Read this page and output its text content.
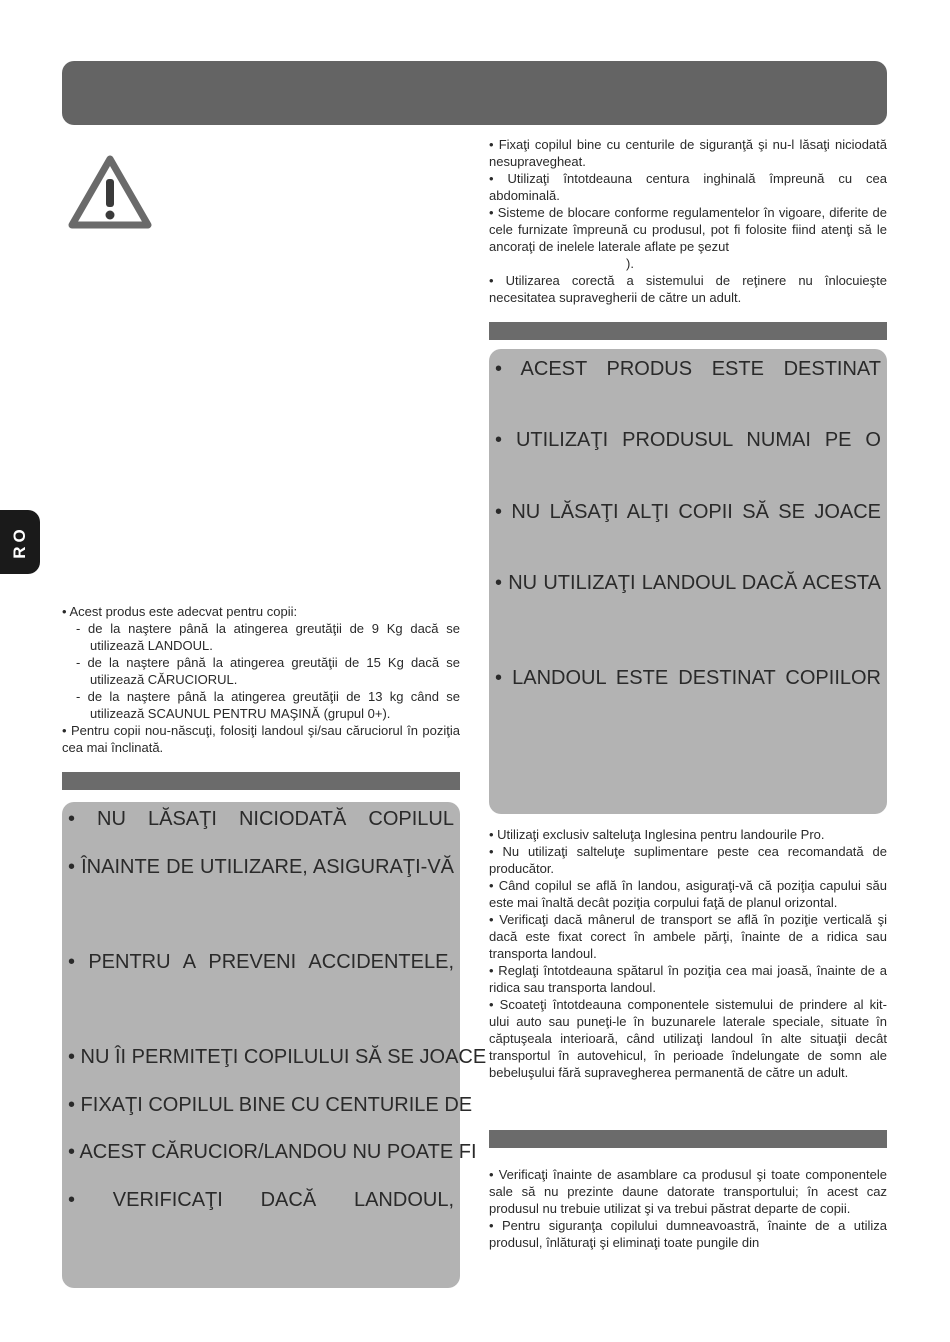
RO

• Acest produs este adecvat pentru copii:

- de la naştere până la atingerea greutăţii de 9 Kg dacă se utilizează LANDOUL.

- de la naştere până la atingerea greutăţii de 15 Kg dacă se utilizează CĂRUCIORUL.

- de la naştere până la atingerea greutăţii de 13 kg când se utilizează SCAUNUL PENTRU MAŞINĂ (grupul 0+).

• Pentru copii nou-născuţi, folosiţi landoul şi/sau căruciorul în poziţia cea mai înclinată.

• NU LĂSAŢI NICIODATĂ COPILUL
• ÎNAINTE DE UTILIZARE, ASIGURAŢI-VĂ
• PENTRU A PREVENI ACCIDENTELE,
• NU ÎI PERMITEŢI COPILULUI SĂ SE JOACE
• FIXAŢI COPILUL BINE CU CENTURILE DE
• ACEST CĂRUCIOR/LANDOU NU POATE FI
• VERIFICAŢI DACĂ LANDOUL,

• Fixaţi copilul bine cu centurile de siguranţă şi nu-l lăsaţi niciodată nesupravegheat.

• Utilizaţi întotdeauna centura inghinală împreună cu cea abdominală.

• Sisteme de blocare conforme regulamentelor în vigoare, diferite de cele furnizate împreună cu produsul, pot fi folosite fiind atenţi să le ancoraţi de inelele laterale aflate pe şezut

).

• Utilizarea corectă a sistemului de reţinere nu înlocuieşte necesitatea supravegherii de către un adult.

• ACEST PRODUS ESTE DESTINAT
• UTILIZAŢI PRODUSUL NUMAI PE O
• NU LĂSAŢI ALŢI COPII SĂ SE JOACE
• NU UTILIZAŢI LANDOUL DACĂ ACESTA
• LANDOUL ESTE DESTINAT COPIILOR

• Utilizaţi exclusiv salteluţa Inglesina pentru landourile Pro.

• Nu utilizaţi salteluţe suplimentare peste cea recomandată de producător.

• Când copilul se află în landou, asiguraţi-vă că poziţia capului său este mai înaltă decât poziţia corpului faţă de planul orizontal.

• Verificaţi dacă mânerul de transport se află în poziţie verticală şi dacă este fixat corect în ambele părţi, înainte de a ridica sau transporta landoul.

• Reglaţi întotdeauna spătarul în poziţia cea mai joasă, înainte de a ridica sau transporta landoul.

• Scoateţi întotdeauna componentele sistemului de prindere al kit-ului auto sau puneţi-le în buzunarele laterale speciale, situate în căptuşeala interioară, când utilizaţi landoul în alte situaţii decât transportul în autovehicul, în perioade îndelungate de somn ale bebeluşului fără supravegherea permanentă de către un adult.

• Verificaţi înainte de asamblare ca produsul şi toate componentele sale să nu prezinte daune datorate transportului; în acest caz produsul nu trebuie utilizat şi va trebui păstrat departe de copii.

• Pentru siguranţa copilului dumneavoastră, înainte de a utiliza produsul, înlăturaţi şi eliminaţi toate pungile din
